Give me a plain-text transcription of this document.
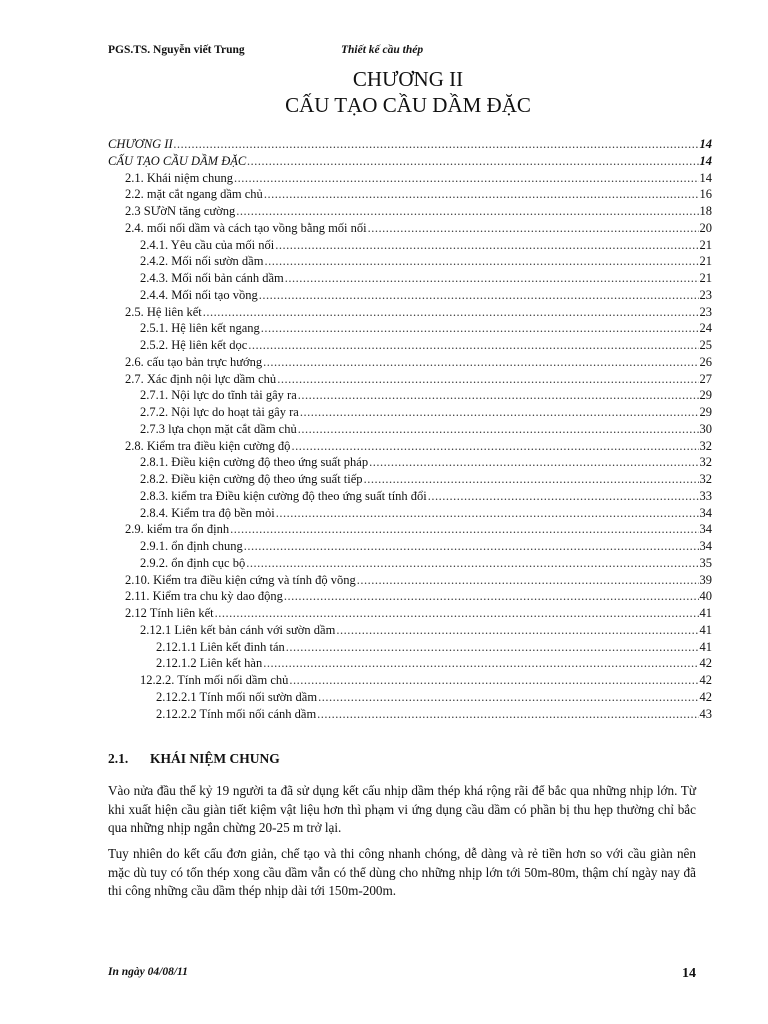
PGS.TS. Nguyễn viết Trung	Thiết kế cầu thép
CHƯƠNG II
CẤU TẠO CẦU DẦM ĐẶC
CHƯƠNG II .....	14
CẤU TẠO CẦU DẦM ĐẶC .....	14
2.1. Khái niệm chung .....	14
2.2. mặt cắt ngang dầm chủ .....	16
2.3 SƯờN tăng cường .....	18
2.4. mối nối dầm và cách tạo vồng bằng mối nối .....	20
2.4.1. Yêu cầu của mối nối .....	21
2.4.2. Mối nối sườn dầm .....	21
2.4.3. Mối nối bản cánh dầm .....	21
2.4.4. Mối nối tạo vồng .....	23
2.5. Hệ liên kết .....	23
2.5.1. Hệ liên kết ngang .....	24
2.5.2. Hệ liên kết dọc .....	25
2.6. cấu tạo bản trực hướng .....	26
2.7. Xác định nội lực dầm chủ .....	27
2.7.1. Nội lực do tĩnh tải gây ra .....	29
2.7.2. Nội lực do hoạt tải gây ra .....	29
2.7.3 lựa chọn mặt cắt dầm chủ .....	30
2.8. Kiểm tra điều kiện cường độ .....	32
2.8.1. Điều kiện cường độ theo ứng suất pháp .....	32
2.8.2. Điều kiện cường độ theo ứng suất tiếp .....	32
2.8.3. kiểm tra Điều kiện cường độ theo ứng suất tính đổi .....	33
2.8.4. Kiểm tra độ bền mỏi .....	34
2.9. kiểm tra ổn định .....	34
2.9.1. ổn định chung .....	34
2.9.2. ổn định cục bộ .....	35
2.10. Kiểm tra điều kiện cứng và tính độ võng .....	39
2.11. Kiểm tra chu kỳ dao động .....	40
2.12 Tính liên kết .....	41
2.12.1 Liên kết bản cánh với sườn dầm .....	41
2.12.1.1 Liên kết đinh tán .....	41
2.12.1.2 Liên kết hàn .....	42
12.2.2. Tính mối nối dầm chủ .....	42
2.12.2.1 Tính mối nối sườn dầm .....	42
2.12.2.2 Tính mối nối cánh dầm .....	43
2.1. KHÁI NIỆM CHUNG

Vào nửa đầu thế kỷ 19 người ta đã sử dụng kết cấu nhịp dầm thép khá rộng rãi để bắc qua những nhịp lớn. Từ khi xuất hiện cầu giàn tiết kiệm vật liệu hơn thì phạm vi ứng dụng cầu dầm có phần bị thu hẹp thường chỉ bắc qua những nhịp ngắn chừng 20-25 m trở lại.

Tuy nhiên do kết cấu đơn giản, chế tạo và thi công nhanh chóng, dễ dàng và rẻ tiền hơn so với cầu giàn nên mặc dù tuy có tốn thép xong cầu dầm vẫn có thể dùng cho những nhịp lớn tới 50m-80m, thậm chí ngày nay đã thi công những cầu dầm thép nhịp dài tới 150m-200m.

In ngày 04/08/11	14
